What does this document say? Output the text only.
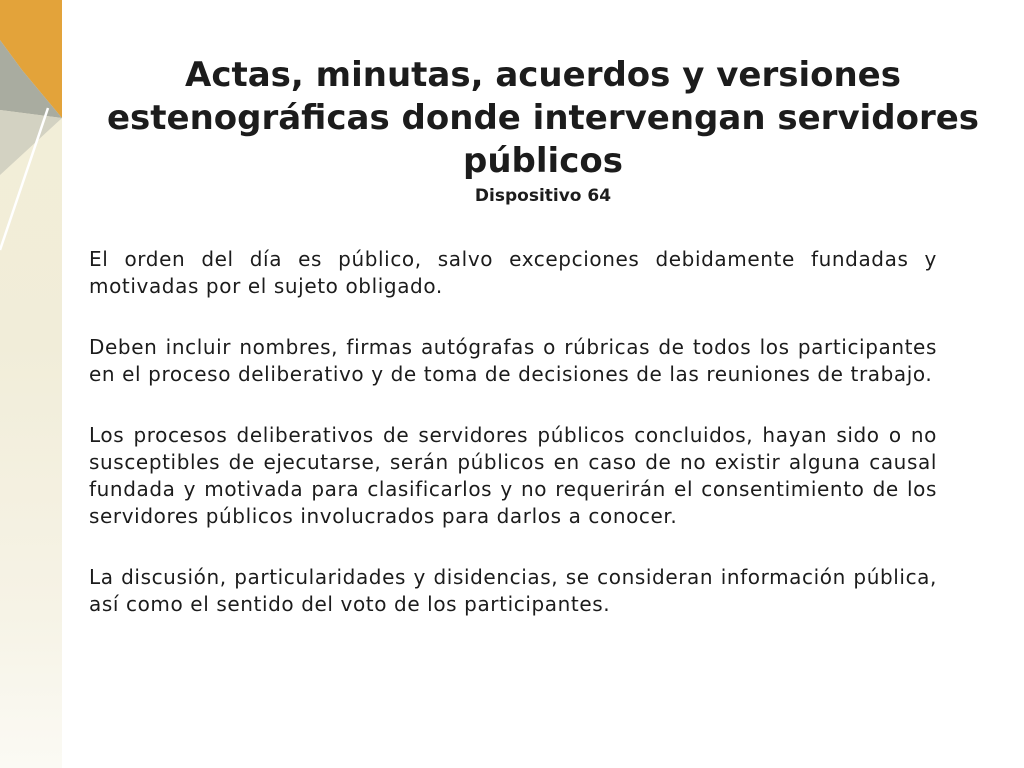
Actas, minutas, acuerdos y versiones estenográficas donde intervengan servidores públicos
Dispositivo 64

El orden del día es público, salvo excepciones debidamente fundadas y motivadas por el sujeto obligado.

Deben incluir nombres, firmas autógrafas o rúbricas de todos los participantes en el proceso deliberativo y de toma de decisiones de las reuniones de trabajo.

Los procesos deliberativos de servidores públicos concluidos, hayan sido o no susceptibles de ejecutarse, serán públicos en caso de no existir alguna causal fundada y motivada para clasificarlos y no requerirán el consentimiento de los servidores públicos involucrados para darlos a conocer.

La discusión, particularidades y disidencias, se consideran información pública, así como el sentido del voto de los participantes.
